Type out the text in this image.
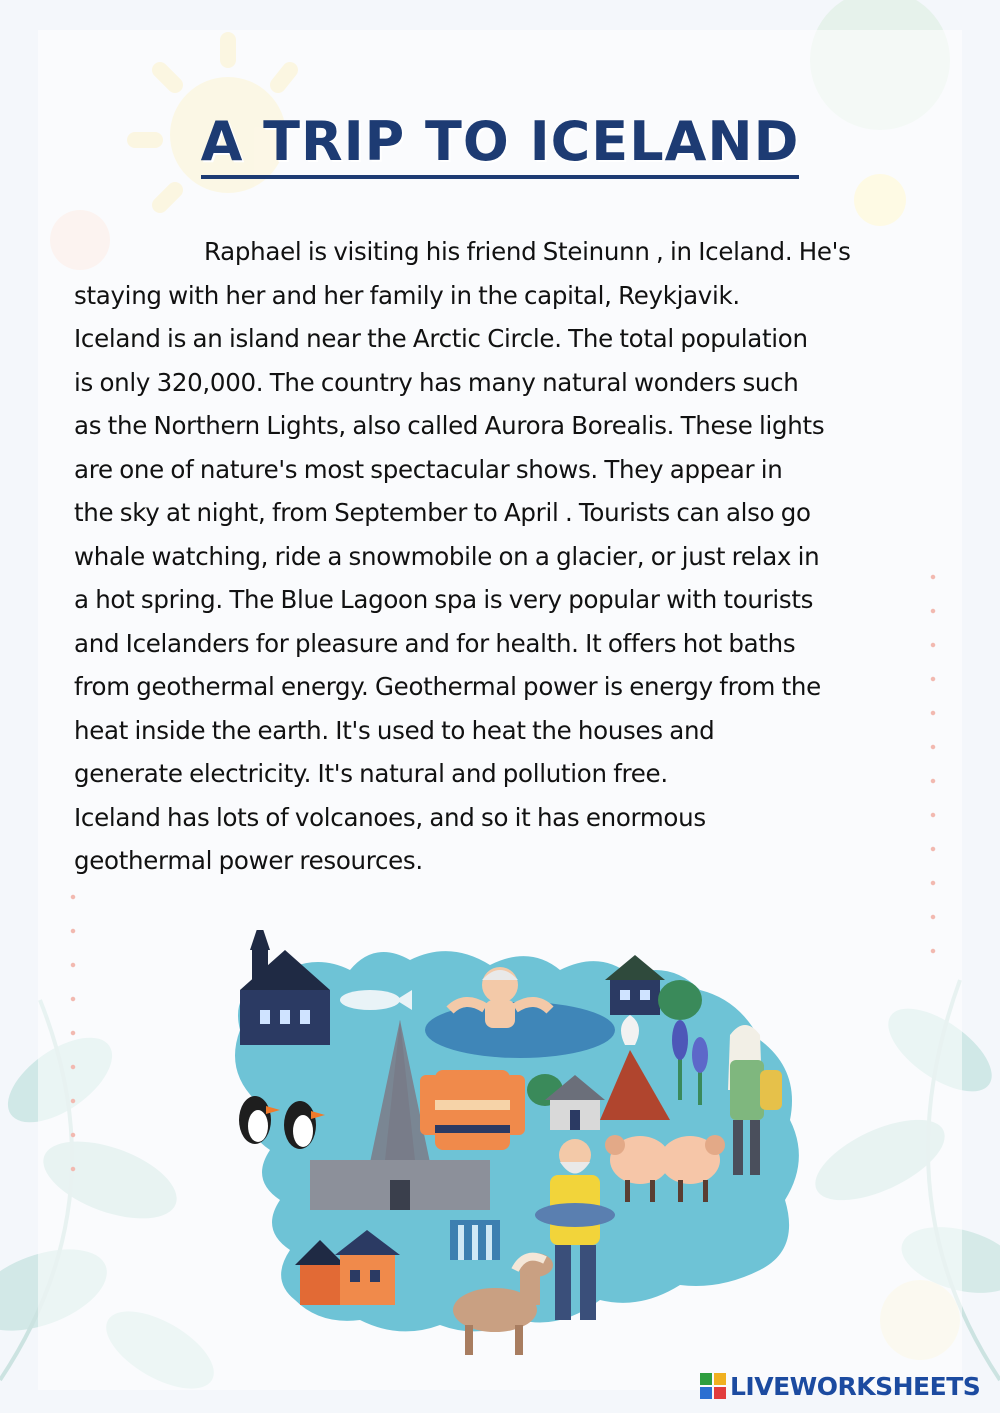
A TRIP TO ICELAND

Raphael is visiting his friend Steinunn , in Iceland. He's
staying with her and her family in the capital, Reykjavik.
Iceland is an island near the Arctic Circle. The total population
is only 320,000. The country has many natural wonders such
as the Northern Lights, also called Aurora Borealis. These lights
are one of nature's most spectacular shows. They appear in
the sky at night, from September to April . Tourists can also go
whale watching, ride a snowmobile on a glacier, or just relax in
a hot spring. The Blue Lagoon spa is very popular with tourists
and Icelanders for pleasure and for health. It offers hot baths
from geothermal energy. Geothermal power is energy from the
heat inside the earth. It's used to heat the houses and
generate electricity. It's natural and pollution free.
Iceland has lots of volcanoes, and so it has enormous
geothermal power resources.

LIVEWORKSHEETS
